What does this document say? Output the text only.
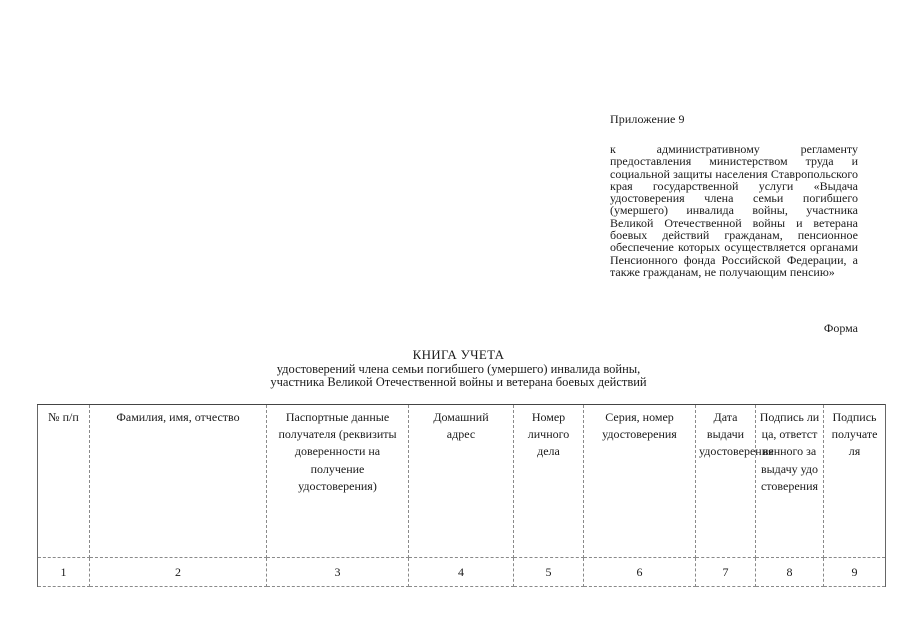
Приложение 9
к административному регламенту предоставления министерством труда и социальной защиты населения Ставропольского края государственной услуги «Выдача удостоверения члена семьи погибшего (умершего) инвалида войны, участника Великой Отечественной войны и ветерана боевых действий гражданам, пенсионное обеспечение которых осуществляется органами Пенсионного фонда Российской Федерации, а также гражданам, не получающим пенсию»
Форма
КНИГА УЧЕТА
удостоверений члена семьи погибшего (умершего) инвалида войны,
участника Великой Отечественной войны и ветерана боевых действий
№ п/п	Фамилия, имя, отчество	Паспортные данные получателя (реквизиты доверенности на получение удостоверения)	Домашний адрес	Номер личного дела	Серия, номер удостоверения	Дата выдачи удостоверения	Подпись лица, ответственного за выдачу удостоверения	Подпись получателя
1	2	3	4	5	6	7	8	9
